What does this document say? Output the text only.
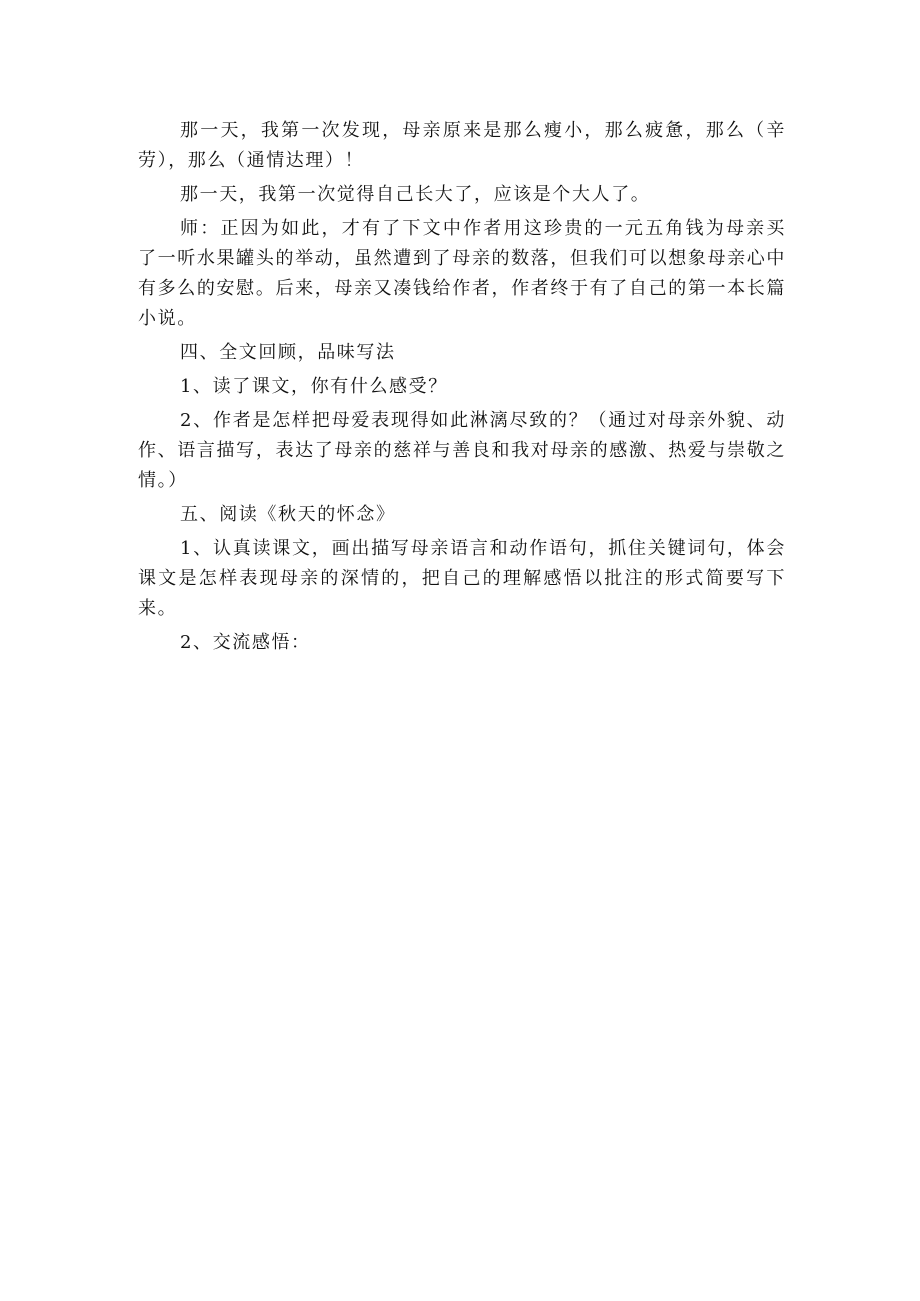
那一天，我第一次发现，母亲原来是那么瘦小，那么疲惫，那么（辛劳），那么（通情达理）！

那一天，我第一次觉得自己长大了，应该是个大人了。

师：正因为如此，才有了下文中作者用这珍贵的一元五角钱为母亲买了一听水果罐头的举动，虽然遭到了母亲的数落，但我们可以想象母亲心中有多么的安慰。后来，母亲又凑钱给作者，作者终于有了自己的第一本长篇小说。

四、全文回顾，品味写法

1、读了课文，你有什么感受？

2、作者是怎样把母爱表现得如此淋漓尽致的？（通过对母亲外貌、动作、语言描写，表达了母亲的慈祥与善良和我对母亲的感激、热爱与崇敬之情。）

五、阅读《秋天的怀念》

1、认真读课文，画出描写母亲语言和动作语句，抓住关键词句，体会课文是怎样表现母亲的深情的，把自己的理解感悟以批注的形式简要写下来。

2、交流感悟：
